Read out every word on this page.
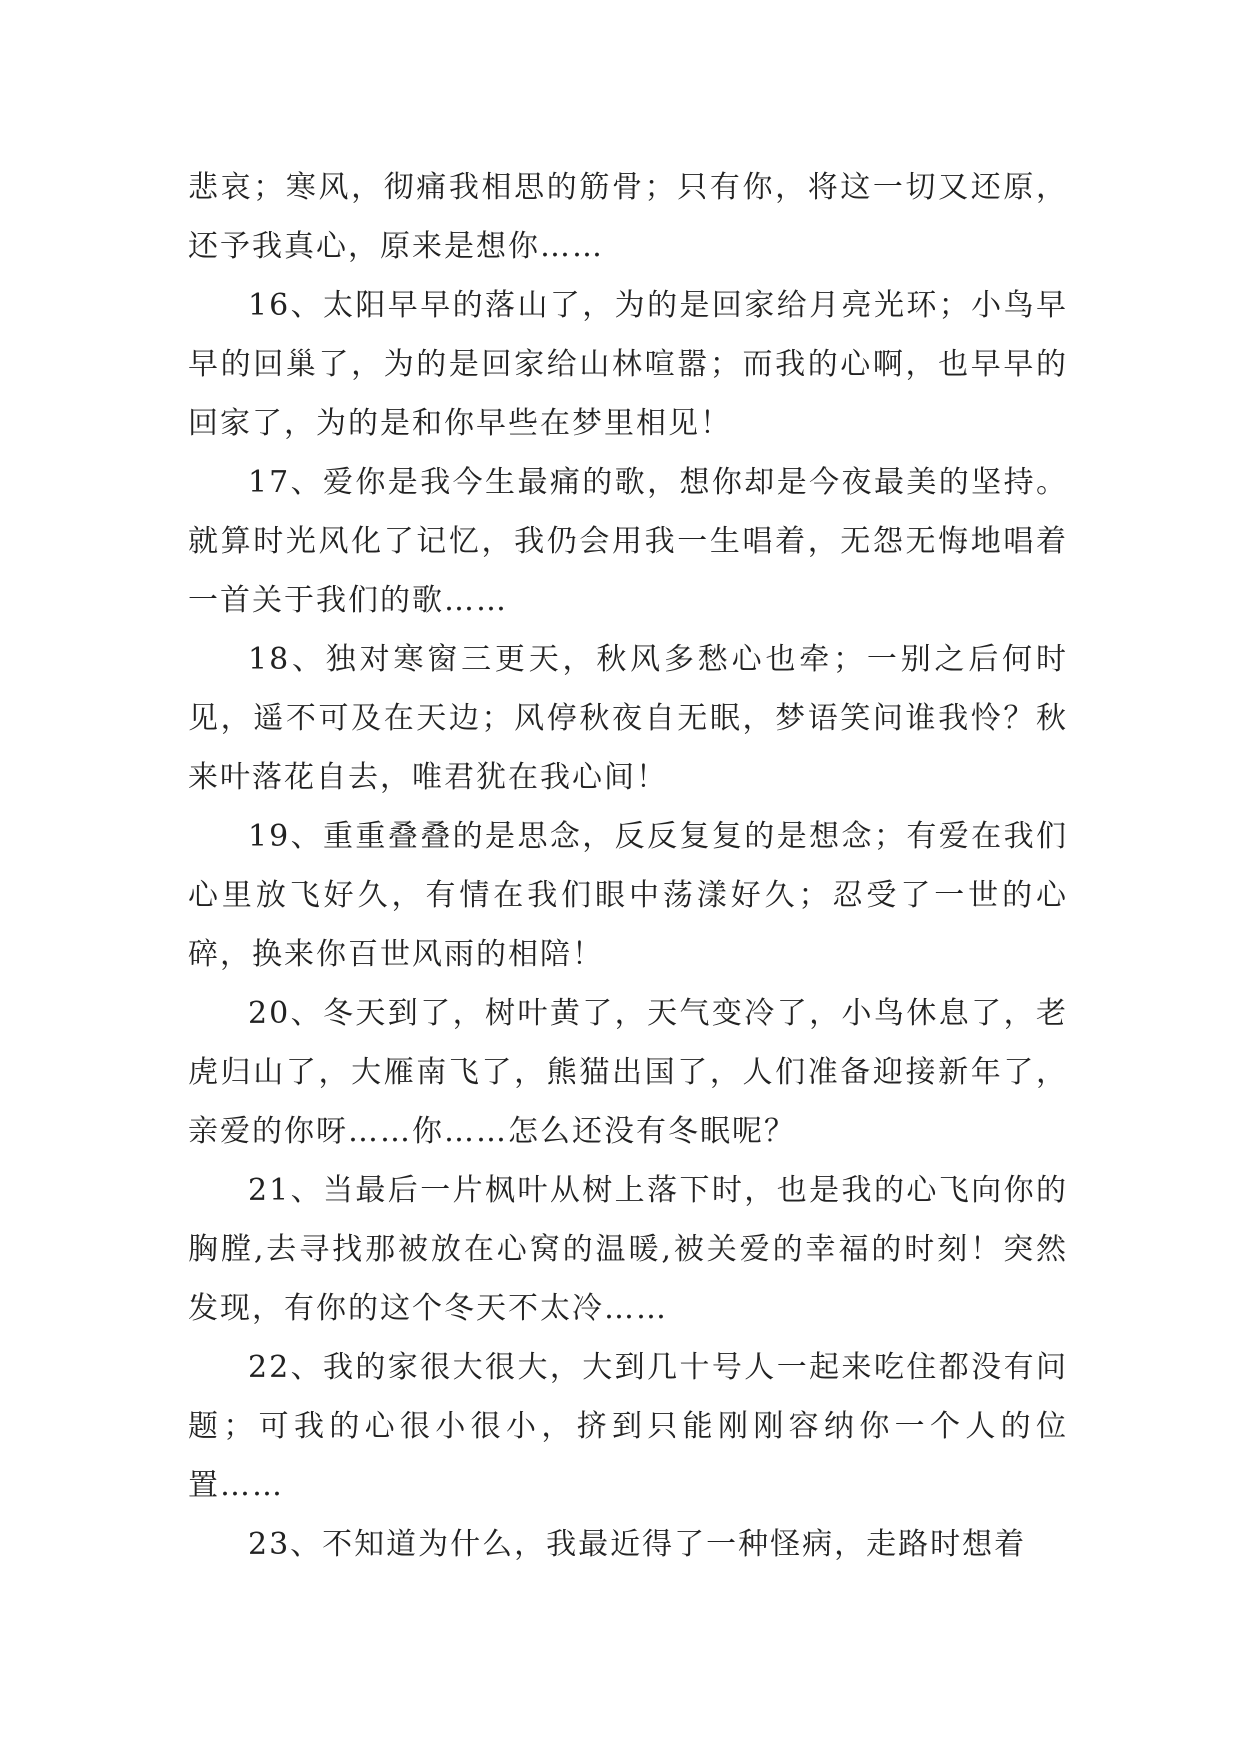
悲哀；寒风，彻痛我相思的筋骨；只有你，将这一切又还原，还予我真心，原来是想你……

16、太阳早早的落山了，为的是回家给月亮光环；小鸟早早的回巢了，为的是回家给山林喧嚣；而我的心啊，也早早的回家了，为的是和你早些在梦里相见！

17、爱你是我今生最痛的歌，想你却是今夜最美的坚持。就算时光风化了记忆，我仍会用我一生唱着，无怨无悔地唱着一首关于我们的歌……

18、独对寒窗三更天，秋风多愁心也牵；一别之后何时见，遥不可及在天边；风停秋夜自无眠，梦语笑问谁我怜？秋来叶落花自去，唯君犹在我心间！

19、重重叠叠的是思念，反反复复的是想念；有爱在我们心里放飞好久，有情在我们眼中荡漾好久；忍受了一世的心碎，换来你百世风雨的相陪！

20、冬天到了，树叶黄了，天气变冷了，小鸟休息了，老虎归山了，大雁南飞了，熊猫出国了，人们准备迎接新年了，亲爱的你呀……你……怎么还没有冬眠呢？

21、当最后一片枫叶从树上落下时，也是我的心飞向你的胸膛,去寻找那被放在心窝的温暖,被关爱的幸福的时刻！突然发现，有你的这个冬天不太冷……

22、我的家很大很大，大到几十号人一起来吃住都没有问题；可我的心很小很小，挤到只能刚刚容纳你一个人的位置……

23、不知道为什么，我最近得了一种怪病，走路时想着
